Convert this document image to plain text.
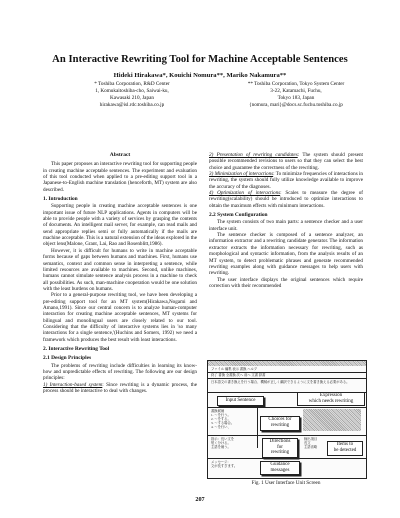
An Interactive Rewriting Tool for Machine Acceptable Sentences
Hideki Hirakawa*, Kouichi Nomura**, Mariko Nakamura**
* Toshiba Corporation, R&D Center
1, Komukaitoshiba-cho, Saiwai-ku,
Kawasaki 210, Japan
hirakawa@isl.rdc.toshiba.co.jp
** Toshiba Corporation, Tokyo System Center
3-22, Katamachi, Fuchu,
Tokyo 183, Japan
{nomura, mari}@docs.sc.fuchu.toshiba.co.jp
Abstract

This paper proposes an interactive rewriting tool for supporting people in creating machine acceptable sentences. The experiment and evaluation of this tool conducted when applied to a pre-editing support tool in a Japanese-to-English machine translation (henceforth, MT) system are also described.

1. Introduction

Supporting people in creating machine acceptable sentences is one important issue of future NLP applications. Agents in computers will be able to provide people with a variety of services by grasping the contents of documents. An intelligent mail server, for example, can read mails and send appropriate replies semi or fully automatically if the mails are machine acceptable. This is a natural extension of the ideas explored in the object lens(Malone, Grant, Lai, Rao and Rosenblitt,1986).

However, it is difficult for humans to write in machine acceptable forms because of gaps between humans and machines. First, humans use semantics, context and common sense in interpreting a sentence, while limited resources are available to machines. Second, unlike machines, humans cannot simulate sentence analysis process in a machine to check all possibilities. As such, man-machine cooperation would be one solution with the least burdens on humans.

Prior to a general-purpose rewriting tool, we have been developing a pre-editing support tool for an MT system(Hirakawa,Nogami and Amano,1991). Since our central concern is to analyze human-computer interaction for creating machine acceptable sentences, MT systems for bilingual and monolingual users are closely related to our tool. Considering that the difficulty of interactive systems lies in 'so many interactions for a single sentence,'(Huchins and Somers, 1992) we need a framework which produces the best result with least interactions.

2. Interactive Rewriting Tool
2.1 Design Principles

The problems of rewriting include difficulties in learning its know-how and unpredictable effects of rewriting. The following are our design principles:

1) Interaction-based system: Since rewriting is a dynamic process, the process should be interactive to deal with changes.

2) Presentation of rewriting candidates: The system should present possible recommended revisions to users so that they can select the best choice and guarantee the correctness of the rewriting.

3) Minimization of interactions: To minimize frequencies of interactions in rewriting, the system should fully utilize knowledge available to improve the accuracy of the diagnoses.

4) Optimization of interactions: Scales to measure the degree of rewriting(scalability) should be introduced to optimize interactions to obtain the maximum effects with minimum interactions.

2.2 System Configuration

The system consists of two main parts: a sentence checker and a user interface unit.

The sentence checker is composed of a sentence analyzer, an information extractor and a rewriting candidate generator. The information extractor extracts the information necessary for rewriting, such as morphological and syntactic information, from the analysis results of an MT system, to detect problematic phrases and generate recommended rewriting examples along with guidance messages to help users with rewriting.

The user interface displays the original sentences which require correction with their recommended

ファイル 編集 表示 書換 ヘルプ
終了 書換 全書換 次へ 前へ 文書 辞書
日本語文の書き換えを行う場合、機械が正しく翻訳できるように文を書き換える必要がある。
Input Sentence
Expression
which needs rewriting
書換候補
1. ～を行う。
2. ～をする。
3. ～する場合。
4. ～を行い、
Choices for
rewriting
指示：長い文を
短く分ける。
主語を補う。
Directions
for
rewriting
検出項目
長文
主語省略	Items to
be detected
メッセージ：
文が長すぎます。	Guidance
messages
Fig. 1 User Interface Unit Screen
207
